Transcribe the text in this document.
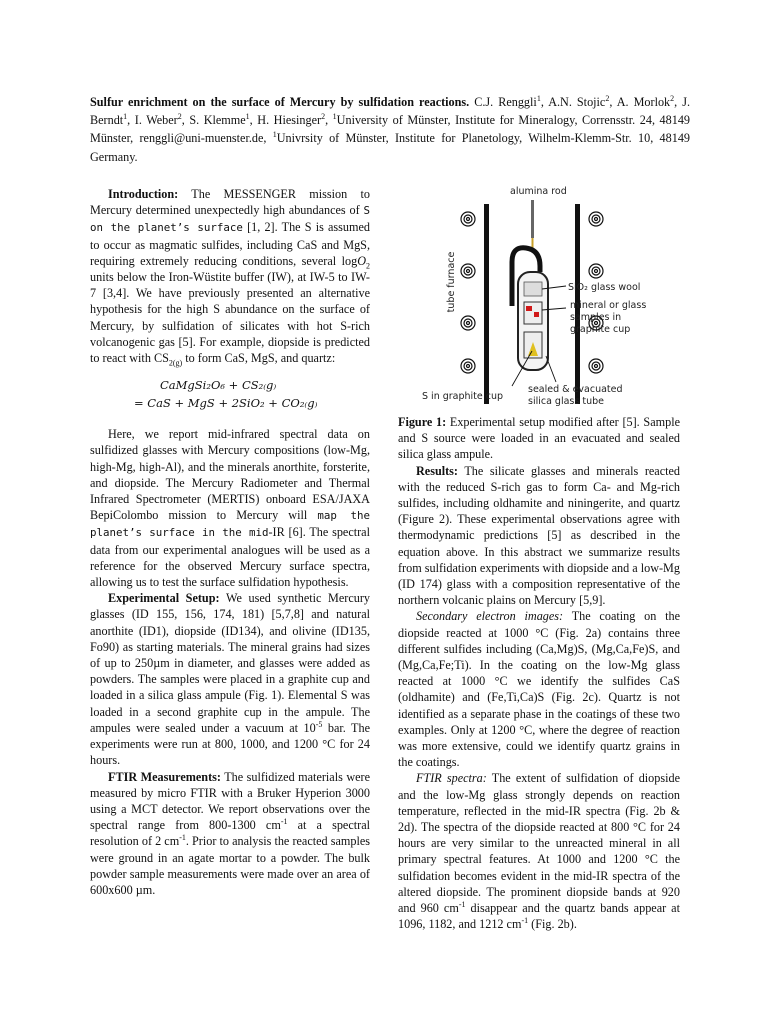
Sulfur enrichment on the surface of Mercury by sulfidation reactions. C.J. Renggli$^1$, A.N. Stojic$^2$, A. Morlok$^2$, J. Berndt$^1$, I. Weber$^2$, S. Klemme$^1$, H. Hiesinger$^2$, $^1$University of Münster, Institute for Mineralogy, Corrensstr. 24, 48149 Münster, renggli@uni-muenster.de, $^1$Univrsity of Münster, Institute for Planetology, Wilhelm-Klemm-Str. 10, 48149 Germany.

Introduction: The MESSENGER mission to Mercury determined unexpectedly high abundances of S on the planet’s surface [1, 2]. The S is assumed to occur as magmatic sulfides, including CaS and MgS, requiring extremely reducing conditions, several logO$_2$ units below the Iron-Wüstite buffer (IW), at IW-5 to IW-7 [3,4]. We have previously presented an alternative hypothesis for the high S abundance on the surface of Mercury, by sulfidation of silicates with hot S-rich volcanogenic gas [5]. For example, diopside is predicted to react with $CS_{2(g)}$ to form CaS, MgS, and quartz:

CaMgSi₂O₆ + CS₂₍g₎
= CaS + MgS + 2SiO₂ + CO₂₍g₎

Here, we report mid-infrared spectral data on sulfidized glasses with Mercury compositions (low-Mg, high-Mg, high-Al), and the minerals anorthite, forsterite, and diopside. The Mercury Radiometer and Thermal Infrared Spectrometer (MERTIS) onboard ESA/JAXA BepiColombo mission to Mercury will map the planet’s surface in the mid-IR [6]. The spectral data from our experimental analogues will be used as a reference for the observed Mercury surface spectra, allowing us to test the surface sulfidation hypothesis.

Experimental Setup: We used synthetic Mercury glasses (ID 155, 156, 174, 181) [5,7,8] and natural anorthite (ID1), diopside (ID134), and olivine (ID135, Fo90) as starting materials. The mineral grains had sizes of up to 250µm in diameter, and glasses were added as powders. The samples were placed in a graphite cup and loaded in a silica glass ampule (Fig. 1). Elemental S was loaded in a second graphite cup in the ampule. The ampules were sealed under a vacuum at $10^{-5}$ bar. The experiments were run at 800, 1000, and 1200 °C for 24 hours.

FTIR Measurements: The sulfidized materials were measured by micro FTIR with a Bruker Hyperion 3000 using a MCT detector. We report observations over the spectral range from 800-1300 $cm^{-1}$ at a spectral resolution of 2 $cm^{-1}$. Prior to analysis the reacted samples were ground in an agate mortar to a powder. The bulk powder sample measurements were made over an area of 600x600 µm.

alumina rod
SiO₂ glass wool
mineral or glass
samples in
graphite cup
tube furnace
S in graphite cup
sealed & evacuated
silica glass tube

Figure 1: Experimental setup modified after [5]. Sample and S source were loaded in an evacuated and sealed silica glass ampule.

Results: The silicate glasses and minerals reacted with the reduced S-rich gas to form Ca- and Mg-rich sulfides, including oldhamite and niningerite, and quartz (Figure 2). These experimental observations agree with thermodynamic predictions [5] as described in the equation above. In this abstract we summarize results from sulfidation experiments with diopside and a low-Mg (ID 174) glass with a composition representative of the northern volcanic plains on Mercury [5,9].

Secondary electron images: The coating on the diopside reacted at 1000 °C (Fig. 2a) contains three different sulfides including (Ca,Mg)S, (Mg,Ca,Fe)S, and (Mg,Ca,Fe;Ti). In the coating on the low-Mg glass reacted at 1000 °C we identify the sulfides CaS (oldhamite) and (Fe,Ti,Ca)S (Fig. 2c). Quartz is not identified as a separate phase in the coatings of these two examples. Only at 1200 °C, where the degree of reaction was more extensive, could we identify quartz grains in the coatings.

FTIR spectra: The extent of sulfidation of diopside and the low-Mg glass strongly depends on reaction temperature, reflected in the mid-IR spectra (Fig. 2b & 2d). The spectra of the diopside reacted at 800 °C for 24 hours are very similar to the unreacted mineral in all primary spectral features. At 1000 and 1200 °C the sulfidation becomes evident in the mid-IR spectra of the altered diopside. The prominent diopside bands at 920 and 960 $cm^{-1}$ disappear and the quartz bands appear at 1096, 1182, and 1212 $cm^{-1}$ (Fig. 2b).
